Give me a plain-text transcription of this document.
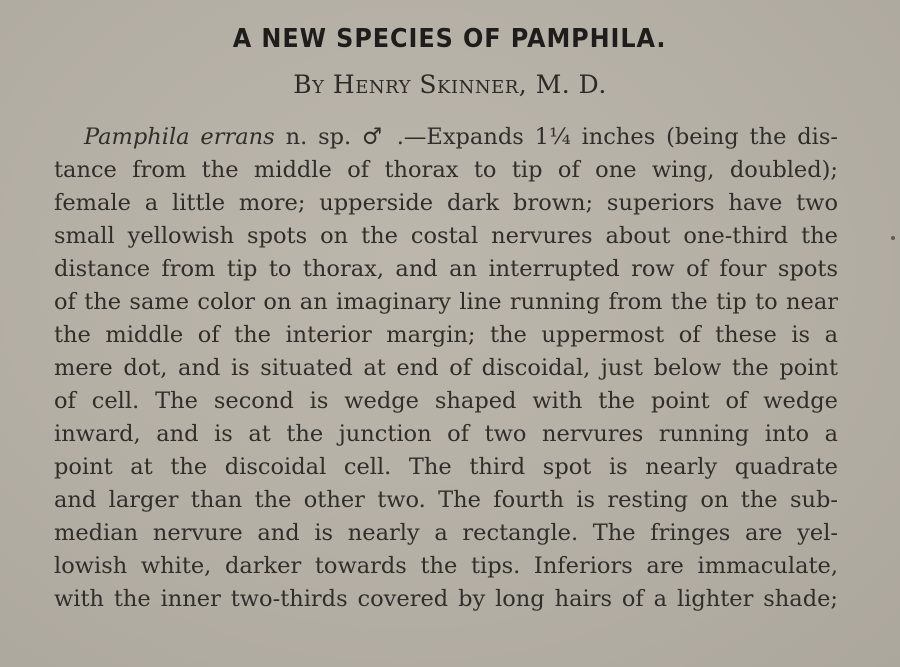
A NEW SPECIES OF PAMPHILA.
By Henry Skinner, M. D.
Pamphila errans n. sp. ♂ .—Expands 1¼ inches (being the dis-
tance from the middle of thorax to tip of one wing, doubled);
female a little more; upperside dark brown; superiors have two
small yellowish spots on the costal nervures about one-third the
distance from tip to thorax, and an interrupted row of four spots
of the same color on an imaginary line running from the tip to near
the middle of the interior margin; the uppermost of these is a
mere dot, and is situated at end of discoidal, just below the point
of cell. The second is wedge shaped with the point of wedge
inward, and is at the junction of two nervures running into a
point at the discoidal cell. The third spot is nearly quadrate
and larger than the other two. The fourth is resting on the sub-
median nervure and is nearly a rectangle. The fringes are yel-
lowish white, darker towards the tips. Inferiors are immaculate,
with the inner two-thirds covered by long hairs of a lighter shade;
